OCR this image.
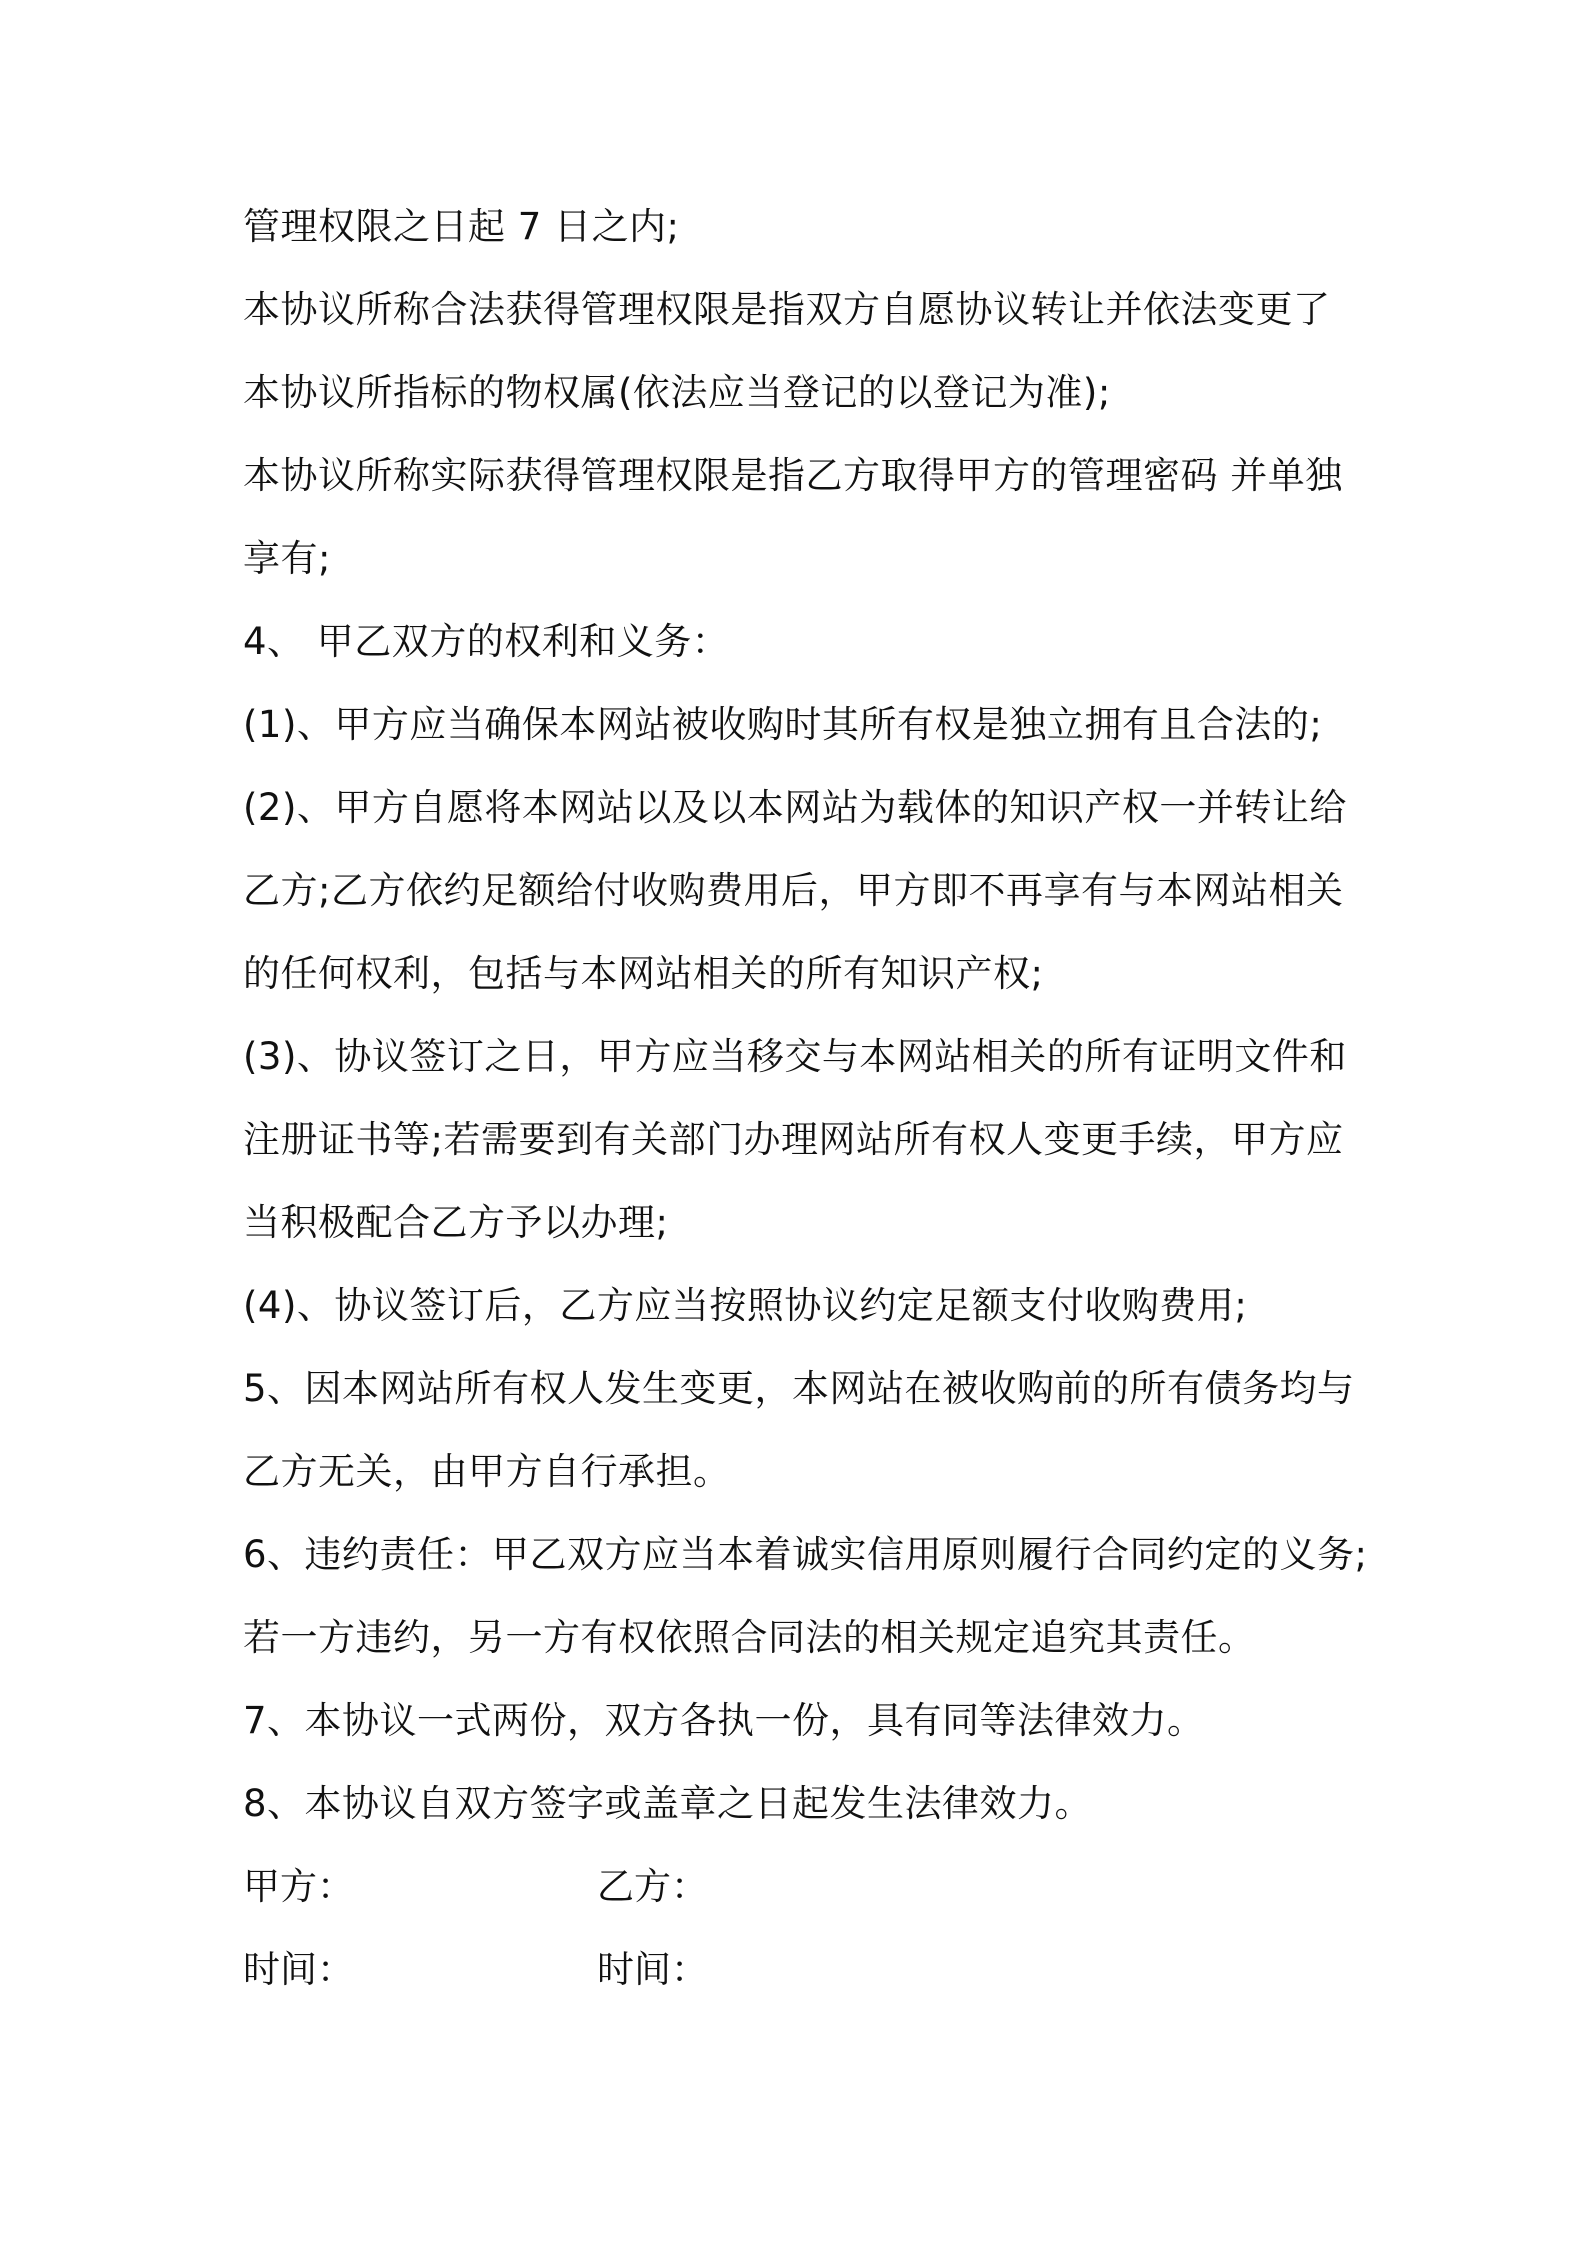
管理权限之日起 7 日之内;
本协议所称合法获得管理权限是指双方自愿协议转让并依法变更了
本协议所指标的物权属(依法应当登记的以登记为准);
本协议所称实际获得管理权限是指乙方取得甲方的管理密码 并单独
享有;
4、 甲乙双方的权利和义务：
(1)、甲方应当确保本网站被收购时其所有权是独立拥有且合法的;
(2)、甲方自愿将本网站以及以本网站为载体的知识产权一并转让给
乙方;乙方依约足额给付收购费用后，甲方即不再享有与本网站相关
的任何权利，包括与本网站相关的所有知识产权;
(3)、协议签订之日，甲方应当移交与本网站相关的所有证明文件和
注册证书等;若需要到有关部门办理网站所有权人变更手续，甲方应
当积极配合乙方予以办理;
(4)、协议签订后，乙方应当按照协议约定足额支付收购费用;
5、因本网站所有权人发生变更，本网站在被收购前的所有债务均与
乙方无关，由甲方自行承担。
6、违约责任：甲乙双方应当本着诚实信用原则履行合同约定的义务;
若一方违约，另一方有权依照合同法的相关规定追究其责任。
7、本协议一式两份，双方各执一份，具有同等法律效力。
8、本协议自双方签字或盖章之日起发生法律效力。
甲方：	乙方：
时间：	时间：
